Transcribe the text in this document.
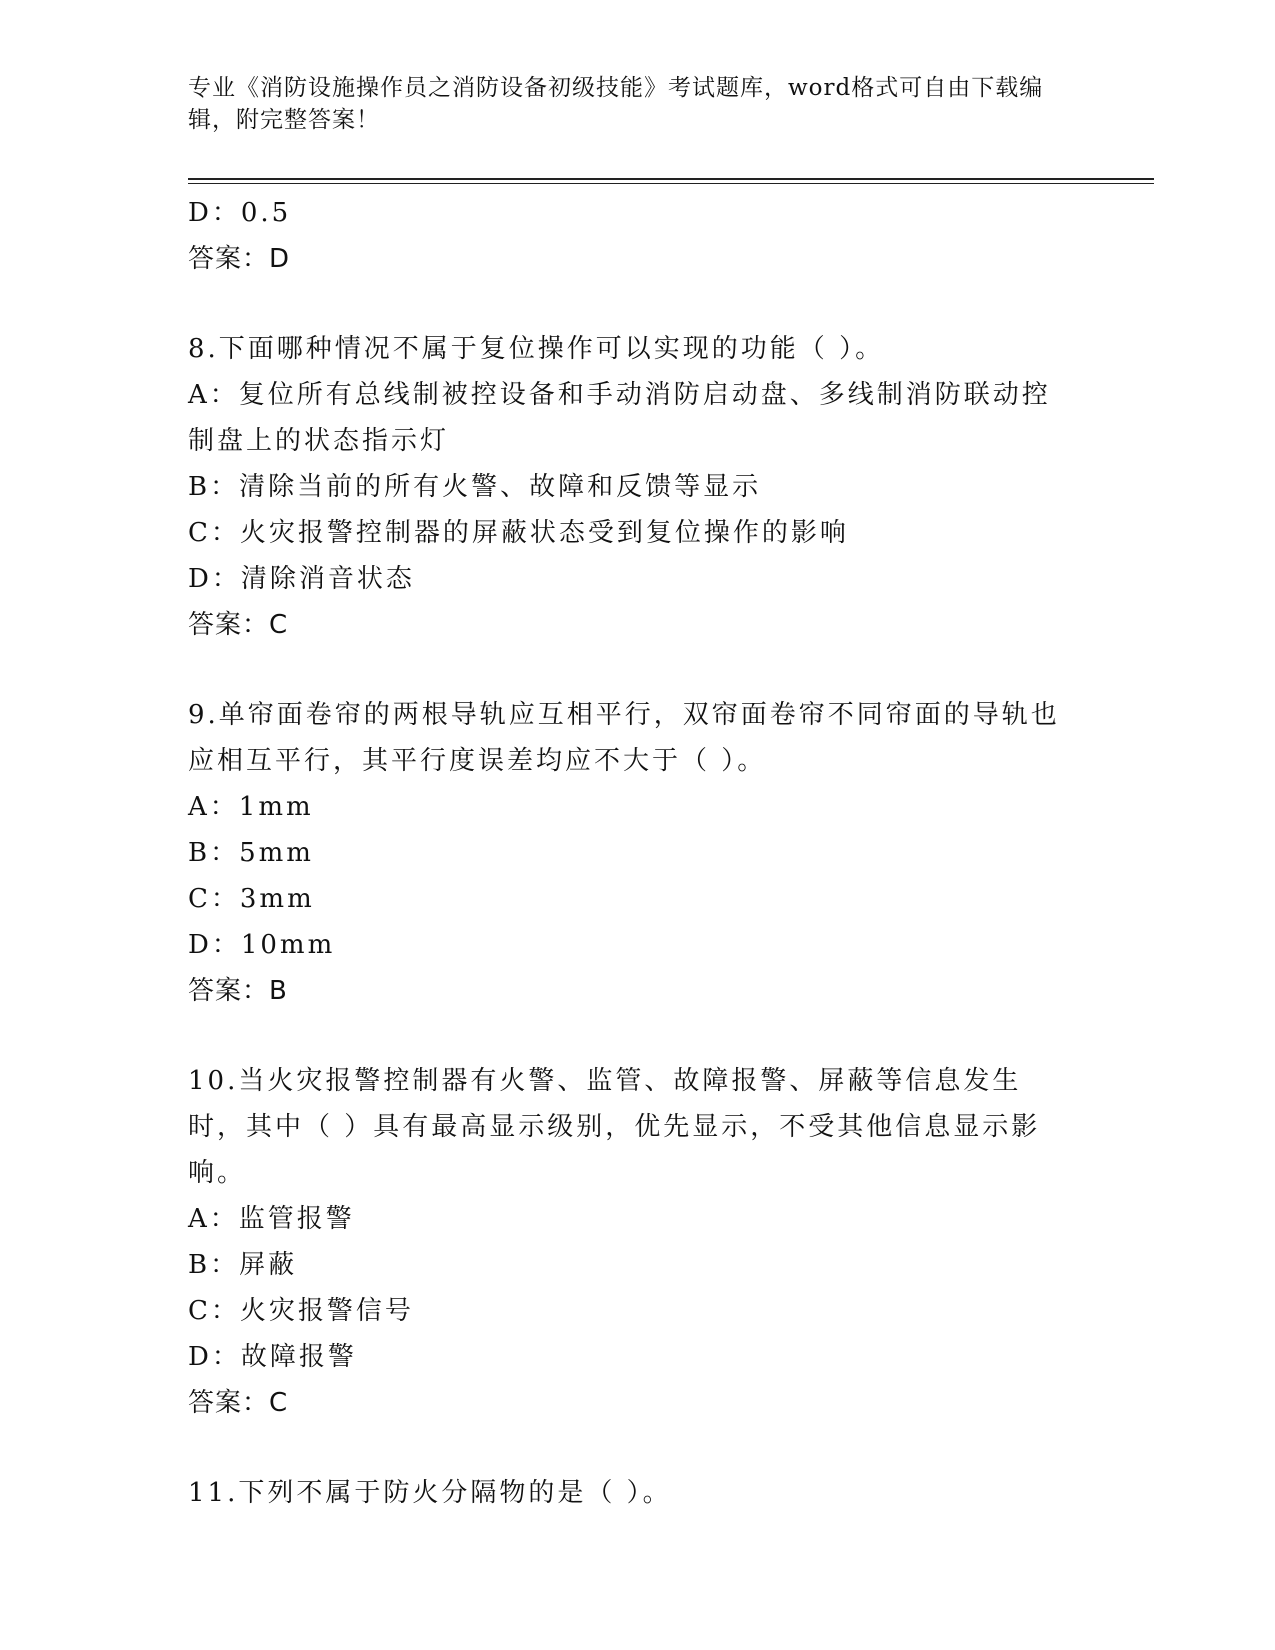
专业《消防设施操作员之消防设备初级技能》考试题库，word格式可自由下载编辑，附完整答案！
D：0.5
答案：D
8.下面哪种情况不属于复位操作可以实现的功能（ ）。
A：复位所有总线制被控设备和手动消防启动盘、多线制消防联动控制盘上的状态指示灯
B：清除当前的所有火警、故障和反馈等显示
C：火灾报警控制器的屏蔽状态受到复位操作的影响
D：清除消音状态
答案：C
9.单帘面卷帘的两根导轨应互相平行，双帘面卷帘不同帘面的导轨也应相互平行，其平行度误差均应不大于（ ）。
A：1mm
B：5mm
C：3mm
D：10mm
答案：B
10.当火灾报警控制器有火警、监管、故障报警、屏蔽等信息发生时，其中（ ）具有最高显示级别，优先显示，不受其他信息显示影响。
A：监管报警
B：屏蔽
C：火灾报警信号
D：故障报警
答案：C
11.下列不属于防火分隔物的是（ ）。
